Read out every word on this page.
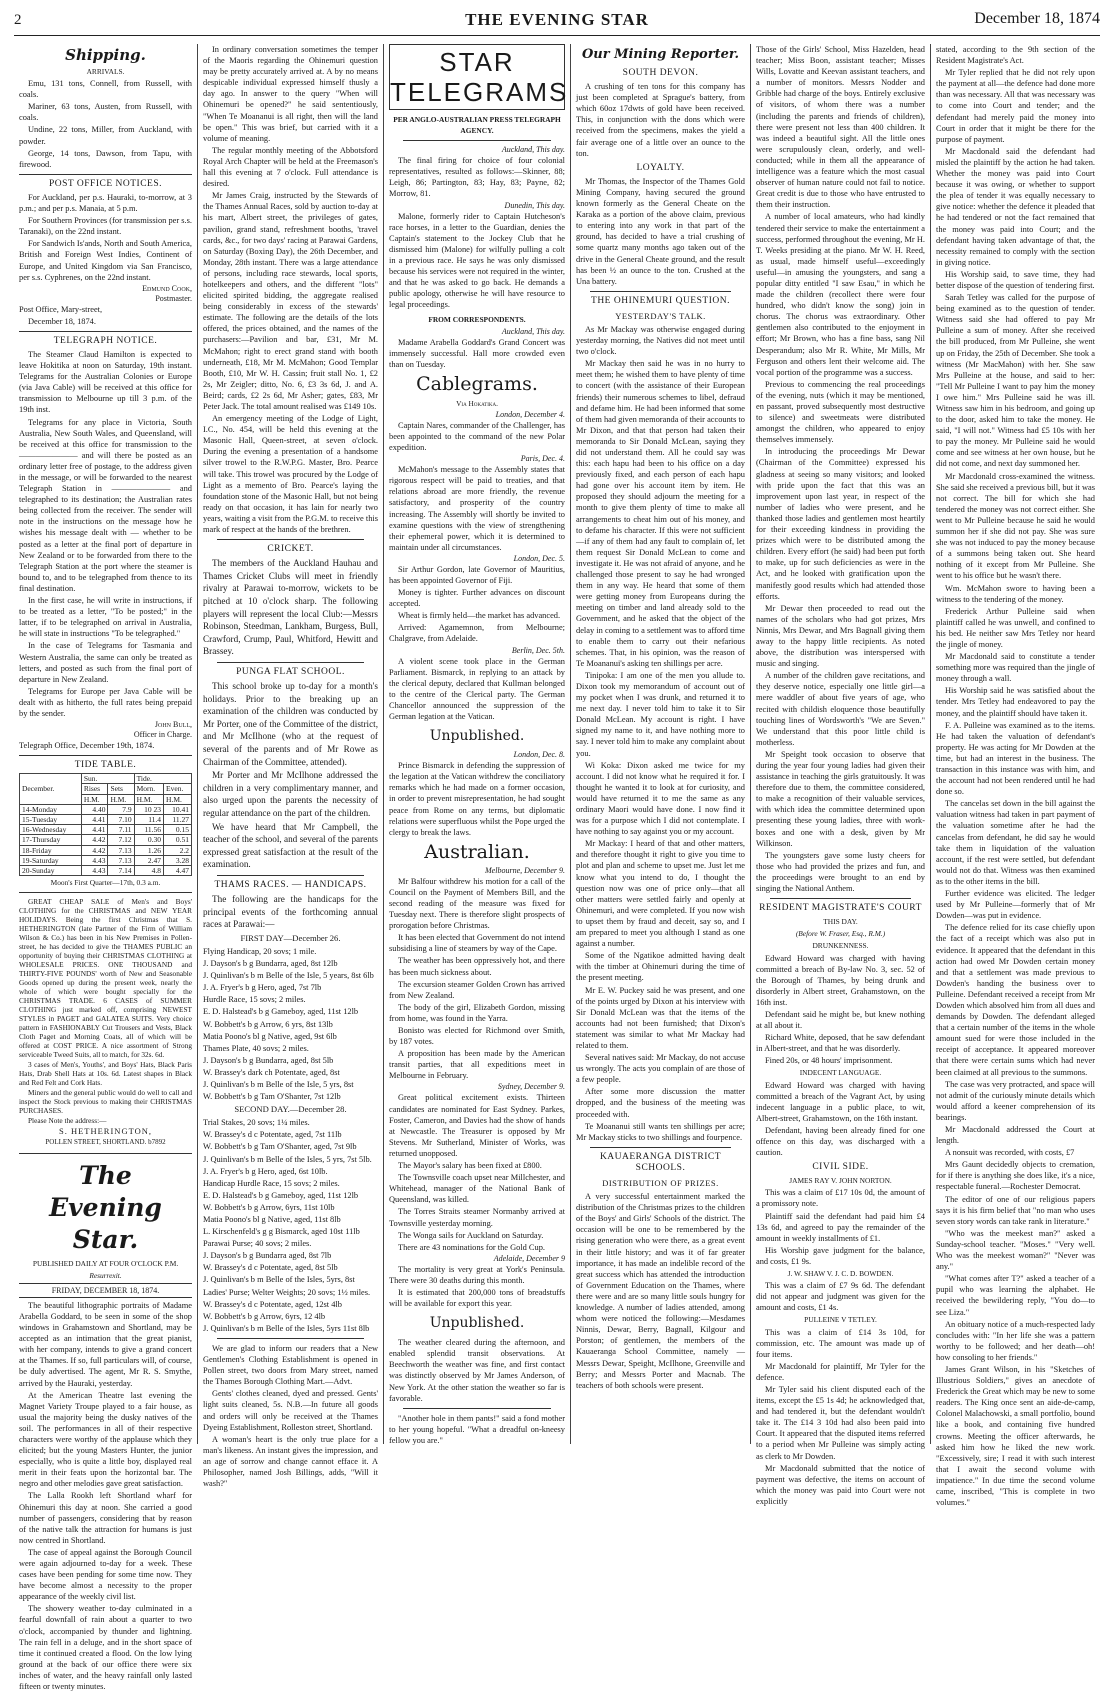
2	THE EVENING STAR	December 18, 1874
Shipping.
ARRIVALS.

Emu, 131 tons, Connell, from Russell, with coals.

Mariner, 63 tons, Austen, from Russell, with coals.

Undine, 22 tons, Miller, from Auckland, with powder.

George, 14 tons, Dawson, from Tapu, with firewood.

POST OFFICE NOTICES.

For Auckland, per p.s. Hauraki, to-morrow, at 3 p.m.; and per p.s. Manaia, at 5 p.m.

For Southern Provinces (for transmission per s.s. Taranaki), on the 22nd instant.

For Sandwich Is'ands, North and South America, British and Foreign West Indies, Continent of Europe, and United Kingdom via San Francisco, per s.s. Cyphrenes, on the 22nd instant.

Edmund Cook,
Postmaster.

Post Office, Mary-street,

December 18, 1874.

TELEGRAPH NOTICE.

The Steamer Claud Hamilton is expected to leave Hokitika at noon on Saturday, 19th instant. Telegrams for the Australian Colonies or Europe (via Java Cable) will be received at this office for transmission to Melbourne up till 3 p.m. of the 19th inst.

Telegrams for any place in Victoria, South Australia, New South Wales, and Queensland, will be received at this office for transmission to the ——————— and will there be posted as an ordinary letter free of postage, to the address given in the message, or will be forwarded to the nearest Telegraph Station in ——————— and telegraphed to its destination; the Australian rates being collected from the receiver. The sender will note in the instructions on the message how he wishes his message dealt with — whether to be posted as a letter at the final port of departure in New Zealand or to be forwarded from there to the Telegraph Station at the port where the steamer is bound to, and to be telegraphed from thence to its final destination.

In the first case, he will write in instructions, if to be treated as a letter, "To be posted;" in the latter, if to be telegraphed on arrival in Australia, he will state in instructions "To be telegraphed."

In the case of Telegrams for Tasmania and Western Australia, the same can only be treated as letters, and posted as such from the final port of departure in New Zealand.

Telegrams for Europe per Java Cable will be dealt with as hitherto, the full rates being prepaid by the sender.

John Bull,
Officer in Charge.

Telegraph Office, December 19th, 1874.

TIDE TABLE.
December.	Sun.		Tide.	
	Rises	Sets	Morn.	Even.
	H.M.	H.M.	H.M.	H.M.
14-Monday	4.40	7.9	10 23	10.41
15-Tuesday	4.41	7.10	11.4	11.27
16-Wednesday	4.41	7.11	11.56	0.15
17-Thursday	4.42	7.12	0.30	0.51
18-Friday	4.42	7.13	1.26	2.2
19-Saturday	4.43	7.13	2.47	3.28
20-Sunday	4.43	7.14	4.8	4.47
Moon's First Quarter—17th, 0.3 a.m.

GREAT CHEAP SALE of Men's and Boys' CLOTHING for the CHRISTMAS and NEW YEAR HOLIDAYS. Being the first Christmas that S. HETHERINGTON (late Partner of the Firm of William Wilson & Co.) has been in his New Premises in Pollen-street, he has decided to give the THAMES PUBLIC an opportunity of buying their CHRISTMAS CLOTHING at WHOLESALE PRICES. ONE THOUSAND and THIRTY-FIVE POUNDS' worth of New and Seasonable Goods opened up during the present week, nearly the whole of which were bought specially for the CHRISTMAS TRADE. 6 CASES of SUMMER CLOTHING just marked off, comprising NEWEST STYLES in PAGET and GALATEA SUITS. Very choice pattern in FASHIONABLY Cut Trousers and Vests, Black Cloth Paget and Morning Coats, all of which will be offered at COST PRICE. A nice assortment of Strong serviceable Tweed Suits, all to match, for 32s. 6d.

3 cases of Men's, Youths', and Boys' Hats, Black Paris Hats, Drab Shell Hats at 10s. 6d. Latest shapes in Black and Red Felt and Cork Hats.

Miners and the general public would do well to call and inspect the Stock previous to making their CHRISTMAS PURCHASES.

Please Note the address:—

S. HETHERINGTON,
POLLEN STREET, SHORTLAND. b7892
The Evening Star.
PUBLISHED DAILY AT FOUR O'CLOCK P.M.
Resurrexit.
FRIDAY, DECEMBER 18, 1874.

The beautiful lithographic portraits of Madame Arabella Goddard, to be seen in some of the shop windows in Grahamstown and Shortland, may be accepted as an intimation that the great pianist, with her company, intends to give a grand concert at the Thames. If so, full particulars will, of course, be duly advertised. The agent, Mr R. S. Smythe, arrived by the Hauraki, yesterday.

At the American Theatre last evening the Magnet Variety Troupe played to a fair house, as usual the majority being the dusky natives of the soil. The performances in all of their respective characters were worthy of the applause which they elicited; but the young Masters Hunter, the junior especially, who is quite a little boy, displayed real merit in their feats upon the horizontal bar. The negro and other melodies gave great satisfaction.

The Lalla Rookh left Shortland wharf for Ohinemuri this day at noon. She carried a good number of passengers, considering that by reason of the native talk the attraction for humans is just now centred in Shortland.

The case of appeal against the Borough Council were again adjourned to-day for a week. These cases have been pending for some time now. They have become almost a necessity to the proper appearance of the weekly civil list.

The showery weather to-day culminated in a fearful downfall of rain about a quarter to two o'clock, accompanied by thunder and lightning. The rain fell in a deluge, and in the short space of time it continued created a flood. On the low lying ground at the back of our office there were six inches of water, and the heavy rainfall only lasted fifteen or twenty minutes.

In ordinary conversation sometimes the temper of the Maoris regarding the Ohinemuri question may be pretty accurately arrived at. A by no means despicable individual expressed himself thusly a day ago. In answer to the query "When will Ohinemuri be opened?" he said sententiously, "When Te Moananui is all right, then will the land be open." This was brief, but carried with it a volume of meaning.

The regular monthly meeting of the Abbotsford Royal Arch Chapter will be held at the Freemason's hall this evening at 7 o'clock. Full attendance is desired.

Mr James Craig, instructed by the Stewards of the Thames Annual Races, sold by auction to-day at his mart, Albert street, the privileges of gates, pavilion, grand stand, refreshment booths, 'travel cards, &c., for two days' racing at Parawai Gardens, on Saturday (Boxing Day), the 26th December, and Monday, 28th instant. There was a large attendance of persons, including race stewards, local sports, hotelkeepers and others, and the different "lots" elicited spirited bidding, the aggregate realised being considerably in excess of the stewards' estimate. The following are the details of the lots offered, the prices obtained, and the names of the purchasers:—Pavilion and bar, £31, Mr M. McMahon; right to erect grand stand with booth underneath, £18, Mr M. McMahon; Good Templar Booth, £10, Mr W. H. Cassin; fruit stall No. 1, £2 2s, Mr Zeigler; ditto, No. 6, £3 3s 6d, J. and A. Beird; cards, £2 2s 6d, Mr Asher; gates, £83, Mr Peter Jack. The total amount realised was £149 10s.

An emergency meeting of the Lodge of Light, I.C., No. 454, will be held this evening at the Masonic Hall, Queen-street, at seven o'clock. During the evening a presentation of a handsome silver trowel to the R.W.P.G. Master, Bro. Pearce will take. This trowel was procured by the Lodge of Light as a memento of Bro. Pearce's laying the foundation stone of the Masonic Hall, but not being ready on that occasion, it has lain for nearly two years, waiting a visit from the P.G.M. to receive this mark of respect at the hands of the brethren.

CRICKET.

The members of the Auckland Hauhau and Thames Cricket Clubs will meet in friendly rivalry at Parawai to-morrow, wickets to be pitched at 10 o'clock sharp. The following players will represent the local Club:—Messrs Robinson, Steedman, Lankham, Burgess, Bull, Crawford, Crump, Paul, Whitford, Hewitt and Brassey.

PUNGA FLAT SCHOOL.

This school broke up to-day for a month's holidays. Prior to the breaking up an examination of the children was conducted by Mr Porter, one of the Committee of the district, and Mr McIlhone (who at the request of several of the parents and of Mr Rowe as Chairman of the Committee, attended).

Mr Porter and Mr McIlhone addressed the children in a very complimentary manner, and also urged upon the parents the necessity of regular attendance on the part of the children.

We have heard that Mr Campbell, the teacher of the school, and several of the parents expressed great satisfaction at the result of the examination.

THAMS RACES. — HANDICAPS.

The following are the handicaps for the principal events of the forthcoming annual races at Parawai:—

FIRST DAY—December 26.

Flying Handicap, 20 sovs; 1 mile.

J. Dayson's b g Bundarra, aged, 8st 12lb

J. Quinlivan's b m Belle of the Isle, 5 years, 8st 6lb

J. A. Fryer's b g Hero, aged, 7st 7lb

Hurdle Race, 15 sovs; 2 miles.

E. D. Halstead's b g Gameboy, aged, 11st 12lb

W. Bobbett's b g Arrow, 6 yrs, 8st 13lb

Matia Poono's bl g Native, aged, 9st 6lb

Thames Plate, 40 sovs; 2 miles.

J. Dayson's b g Bundarra, aged, 8st 5lb

W. Brassey's dark ch Potentate, aged, 8st

J. Quinlivan's b m Belle of the Isle, 5 yrs, 8st

W. Bobbett's b g Tam O'Shanter, 7st 12lb

SECOND DAY.—December 28.

Trial Stakes, 20 sovs; 1¼ miles.

W. Brassey's d c Potentate, aged, 7st 11lb

W. Bobbett's b g Tam O'Shanter, aged, 7st 9lb

J. Quinlivan's b m Belle of the Isles, 5 yrs, 7st 5lb.

J. A. Fryer's b g Hero, aged, 6st 10lb.

Handicap Hurdle Race, 15 sovs; 2 miles.

E. D. Halstead's b g Gameboy, aged, 11st 12lb

W. Bobbett's b g Arrow, 6yrs, 11st 10lb

Matia Poono's bl g Native, aged, 11st 8lb

L. Kirschenfeld's g g Bismarck, aged 10st 11lb

Parawai Purse; 40 sovs; 2 miles.

J. Dayson's b g Bundarra aged, 8st 7lb

W. Brassey's d c Potentate, aged, 8st 5lb

J. Quinlivan's b m Belle of the Isles, 5yrs, 8st

Ladies' Purse; Welter Weights; 20 sovs; 1½ miles.

W. Brassey's d c Potentate, aged, 12st 4lb

W. Bobbett's b g Arrow, 6yrs, 12 4lb

J. Quinlivan's b m Belle of the Isles, 5yrs 11st 8lb

We are glad to inform our readers that a New Gentlemen's Clothing Establishment is opened in Pollen street, two doors from Mary street, named the Thames Borough Clothing Mart.—Advt.

Gents' clothes cleaned, dyed and pressed. Gents' light suits cleaned, 5s. N.B.—In future all goods and orders will only be received at the Thames Dyeing Establishment, Rolleston street, Shortland.

A woman's heart is the only true place for a man's likeness. An instant gives the impression, and an age of sorrow and change cannot efface it. A Philosopher, named Josh Billings, adds, "Will it wash?"

STAR TELEGRAMS
PER ANGLO-AUSTRALIAN PRESS TELEGRAPH AGENCY.
Auckland, This day.

The final firing for choice of four colonial representatives, resulted as follows:—Skinner, 88; Leigh, 86; Partington, 83; Hay, 83; Payne, 82; Morrow, 81.

Dunedin, This day.

Malone, formerly rider to Captain Hutcheson's race horses, in a letter to the Guardian, denies the Captain's statement to the Jockey Club that he dismissed him (Malone) for wilfully pulling a colt in a previous race. He says he was only dismissed because his services were not required in the winter, and that he was asked to go back. He demands a public apology, otherwise he will have resource to legal proceedings.

FROM CORRESPONDENTS.
Auckland, This day.

Madame Arabella Goddard's Grand Concert was immensely successful. Hall more crowded even than on Tuesday.

Cablegrams.
Via Hokatika.
London, December 4.

Captain Nares, commander of the Challenger, has been appointed to the command of the new Polar expedition.

Paris, Dec. 4.

McMahon's message to the Assembly states that rigorous respect will be paid to treaties, and that relations abroad are more friendly, the revenue satisfactory, and prosperity of the country increasing. The Assembly will shortly be invited to examine questions with the view of strengthening their ephemeral power, which it is determined to maintain under all circumstances.

London, Dec. 5.

Sir Arthur Gordon, late Governor of Mauritius, has been appointed Governor of Fiji.

Money is tighter. Further advances on discount accepted.

Wheat is firmly held—the market has advanced.

Arrived: Agamemnon, from Melbourne; Chalgrave, from Adelaide.

Berlin, Dec. 5th.

A violent scene took place in the German Parliament. Bismarck, in replying to an attack by the clerical deputy, declared that Kullman belonged to the centre of the Clerical party. The German Chancellor announced the suppression of the German legation at the Vatican.

Unpublished.
London, Dec. 8.

Prince Bismarck in defending the suppression of the legation at the Vatican withdrew the conciliatory remarks which he had made on a former occasion, in order to prevent misrepresentation, he had sought peace from Rome on any terms, but diplomatic relations were superfluous whilst the Pope urged the clergy to break the laws.

Australian.
Melbourne, December 9.

Mr Balfour withdrew his motion for a call of the Council on the Payment of Members Bill, and the second reading of the measure was fixed for Tuesday next. There is therefore slight prospects of prorogation before Christmas.

It has been elected that Government do not intend subsidising a line of steamers by way of the Cape.

The weather has been oppressively hot, and there has been much sickness about.

The excursion steamer Golden Crown has arrived from New Zealand.

The body of the girl, Elizabeth Gordon, missing from home, was found in the Yarra.

Bonisto was elected for Richmond over Smith, by 187 votes.

A proposition has been made by the American transit parties, that all expeditions meet in Melbourne in February.

Sydney, December 9.

Great political excitement exists. Thirteen candidates are nominated for East Sydney. Parkes, Foster, Cameron, and Davies had the show of hands at Newcastle. The Treasurer is opposed by Mr Stevens. Mr Sutherland, Minister of Works, was returned unopposed.

The Mayor's salary has been fixed at £800.

The Townsville coach upset near Millchester, and Whitehead, manager of the National Bank of Queensland, was killed.

The Torres Straits steamer Normanby arrived at Townsville yesterday morning.

The Wonga sails for Auckland on Saturday.

There are 43 nominations for the Gold Cup.

Adelaide, December 9

The mortality is very great at York's Peninsula. There were 30 deaths during this month.

It is estimated that 200,000 tons of breadstuffs will be available for export this year.

Unpublished.

The weather cleared during the afternoon, and enabled splendid transit observations. At Beechworth the weather was fine, and first contact was distinctly observed by Mr James Anderson, of New York. At the other station the weather so far is favorable.

"Another hole in them pants!" said a fond mother to her young hopeful. "What a dreadful on-kneesy fellow you are."

Our Mining Reporter.
SOUTH DEVON.

A crushing of ten tons for this company has just been completed at Sprague's battery, from which 60oz 17dwts of gold have been received. This, in conjunction with the dons which were received from the specimens, makes the yield a fair average one of a little over an ounce to the ton.

LOYALTY.

Mr Thomas, the Inspector of the Thames Gold Mining Company, having secured the ground known formerly as the General Cheate on the Karaka as a portion of the above claim, previous to entering into any work in that part of the ground, has decided to have a trial crushing of some quartz many months ago taken out of the drive in the General Cheate ground, and the result has been ½ an ounce to the ton. Crushed at the Una battery.

THE OHINEMURI QUESTION.
YESTERDAY'S TALK.

As Mr Mackay was otherwise engaged during yesterday morning, the Natives did not meet until two o'clock.

Mr Mackay then said he was in no hurry to meet them; he wished them to have plenty of time to concert (with the assistance of their European friends) their numerous schemes to libel, defraud and defame him. He had been informed that some of them had given memoranda of their accounts to Mr Dixon, and that that person had taken their memoranda to Sir Donald McLean, saying they did not understand them. All he could say was this: each hapu had been to his office on a day previously fixed, and each person of each hapu had gone over his account item by item. He proposed they should adjourn the meeting for a month to give them plenty of time to make all arrangements to cheat him out of his money, and to defame his character. If this were not sufficient—if any of them had any fault to complain of, let them request Sir Donald McLean to come and investigate it. He was not afraid of anyone, and he challenged those present to say he had wronged them in any way. He heard that some of them were getting money from Europeans during the meeting on timber and land already sold to the Government, and he asked that the object of the delay in coming to a settlement was to afford time to enable them to carry out their nefarious schemes. That, in his opinion, was the reason of Te Moananui's asking ten shillings per acre.

Tinipoka: I am one of the men you allude to. Dixon took my memorandum of account out of my pocket when I was drunk, and returned it to me next day. I never told him to take it to Sir Donald McLean. My account is right. I have signed my name to it, and have nothing more to say. I never told him to make any complaint about you.

Wi Koka: Dixon asked me twice for my account. I did not know what he required it for. I thought he wanted it to look at for curiosity, and would have returned it to me the same as any ordinary Maori would have done. I now find it was for a purpose which I did not contemplate. I have nothing to say against you or my account.

Mr Mackay: I heard of that and other matters, and therefore thought it right to give you time to plot and plan and scheme to upset me. Just let me know what you intend to do, I thought the question now was one of price only—that all other matters were settled fairly and openly at Ohinemuri, and were completed. If you now wish to upset them by fraud and deceit, say so, and I am prepared to meet you although I stand as one against a number.

Some of the Ngatikoe admitted having dealt with the timber at Ohinemuri during the time of the present meeting.

Mr E. W. Puckey said he was present, and one of the points urged by Dixon at his interview with Sir Donald McLean was that the items of the accounts had not been furnished; that Dixon's statement was similar to what Mr Mackay had related to them.

Several natives said: Mr Mackay, do not accuse us wrongly. The acts you complain of are those of a few people.

After some more discussion the matter dropped, and the business of the meeting was proceeded with.

Te Moananui still wants ten shillings per acre; Mr Mackay sticks to two shillings and fourpence.

KAUAERANGA DISTRICT SCHOOLS.
DISTRIBUTION OF PRIZES.

A very successful entertainment marked the distribution of the Christmas prizes to the children of the Boys' and Girls' Schools of the district. The occasion will be one to be remembered by the rising generation who were there, as a great event in their little history; and was it of far greater importance, it has made an indelible record of the great success which has attended the introduction of Government Education on the Thames, where there were and are so many little souls hungry for knowledge. A number of ladies attended, among whom were noticed the following:—Mesdames Ninnis, Dewar, Berry, Bagnall, Kilgour and Porston; of gentlemen, the members of the Kauaeranga School Committee, namely — Messrs Dewar, Speight, McIlhone, Greenville and Berry; and Messrs Porter and Macnab. The teachers of both schools were present.

Those of the Girls' School, Miss Hazelden, head teacher; Miss Boon, assistant teacher; Misses Wills, Lovatte and Keevan assistant teachers, and a number of monitors. Messrs Nodder and Gribble had charge of the boys. Entirely exclusive of visitors, of whom there was a number (including the parents and friends of children), there were present not less than 400 children. It was indeed a beautiful sight. All the little ones were scrupulously clean, orderly, and well-conducted; while in them all the appearance of intelligence was a feature which the most casual observer of human nature could not fail to notice. Great credit is due to those who have entrusted to them their instruction.

A number of local amateurs, who had kindly tendered their service to make the entertainment a success, performed throughout the evening, Mr H. T. Weeks presiding at the piano. Mr W. H. Reed, as usual, made himself useful—exceedingly useful—in amusing the youngsters, and sang a popular ditty entitled "I saw Esau," in which he made the children (recollect there were four hundred, who didn't know the song) join in chorus. The chorus was extraordinary. Other gentlemen also contributed to the enjoyment in effort; Mr Brown, who has a fine bass, sang Nil Desperandum; also Mr R. White, Mr Mills, Mr Ferguson and others lent their welcome aid. The vocal portion of the programme was a success.

Previous to commencing the real proceedings of the evening, nuts (which it may be mentioned, en passant, proved subsequently most destructive to silence) and sweetmeats were distributed amongst the children, who appeared to enjoy themselves immensely.

In introducing the proceedings Mr Dewar (Chairman of the Committee) expressed his gladness at seeing so many visitors; and looked with pride upon the fact that this was an improvement upon last year, in respect of the number of ladies who were present, and he thanked those ladies and gentlemen most heartily for their exceeding kindness in providing the prizes which were to be distributed among the children. Every effort (he said) had been put forth to make, up for such deficiencies as were in the Act, and he looked with gratification upon the manifestly good results which had attended those efforts.

Mr Dewar then proceeded to read out the names of the scholars who had got prizes, Mrs Ninnis, Mrs Dewar, and Mrs Bagnall giving them away to the happy little recipients. As noted above, the distribution was interspersed with music and singing.

A number of the children gave recitations, and they deserve notice, especially one little girl—a mere waddler of about five years of age, who recited with childish eloquence those beautifully touching lines of Wordsworth's "We are Seven." We understand that this poor little child is motherless.

Mr Speight took occasion to observe that during the year four young ladies had given their assistance in teaching the girls gratuitously. It was therefore due to them, the committee considered, to make a recognition of their valuable services, with which idea the committee determined upon presenting these young ladies, three with work-boxes and one with a desk, given by Mr Wilkinson.

The youngsters gave some lusty cheers for those who had provided the prizes and fun, and the proceedings were brought to an end by singing the National Anthem.

RESIDENT MAGISTRATE'S COURT
THIS DAY.
(Before W. Fraser, Esq., R.M.)
DRUNKENNESS.

Edward Howard was charged with having committed a breach of By-law No. 3, sec. 52 of the Borough of Thames, by being drunk and disorderly in Albert street, Grahamstown, on the 16th inst.

Defendant said he might be, but knew nothing at all about it.

Richard White, deposed, that he saw defendant in Albert-street, and that he was disorderly.

Fined 20s, or 48 hours' imprisonment.

INDECENT LANGUAGE.

Edward Howard was charged with having committed a breach of the Vagrant Act, by using indecent language in a public place, to wit, Albert-street, Grahamstown, on the 16th instant.

Defendant, having been already fined for one offence on this day, was discharged with a caution.

CIVIL SIDE.
JAMES RAY V. JOHN NORTON.

This was a claim of £17 10s 0d, the amount of a promissory note.

Plaintiff said the defendant had paid him £4 13s 6d, and agreed to pay the remainder of the amount in weekly installments of £1.

His Worship gave judgment for the balance, and costs, £1 9s.

J. W. SHAW V. J. C. D. BOWDEN.

This was a claim of £7 9s 6d. The defendant did not appear and judgment was given for the amount and costs, £1 4s.

PULLEINE V TETLEY.

This was a claim of £14 3s 10d, for commission, etc. The amount was made up of four items.

Mr Macdonald for plaintiff, Mr Tyler for the defence.

Mr Tyler said his client disputed each of the items, except the £5 1s 4d; he acknowledged that, and had tendered it, but the defendant wouldn't take it. The £14 3 10d had also been paid into Court. It appeared that the disputed items referred to a period when Mr Pulleine was simply acting as clerk to Mr Dowden.

Mr Macdonald submitted that the notice of payment was defective, the items on account of which the money was paid into Court were not explicitly

stated, according to the 9th section of the Resident Magistrate's Act.

Mr Tyler replied that he did not rely upon the payment at all—the defence had done more than was necessary. All that was necessary was to come into Court and tender; and the defendant had merely paid the money into Court in order that it might be there for the purpose of payment.

Mr Macdonald said the defendant had misled the plaintiff by the action he had taken. Whether the money was paid into Court because it was owing, or whether to support the plea of tender it was equally necessary to give notice: whether the defence it pleaded that he had tendered or not the fact remained that the money was paid into Court; and the defendant having taken advantage of that, the necessity remained to comply with the section in giving notice.

His Worship said, to save time, they had better dispose of the question of tendering first.

Sarah Tetley was called for the purpose of being examined as to the question of tender. Witness said she had offered to pay Mr Pulleine a sum of money. After she received the bill produced, from Mr Pulleine, she went up on Friday, the 25th of December. She took a witness (Mr MacMahon) with her. She saw Mrs Pulleine at the house, and said to her: "Tell Mr Pulleine I want to pay him the money I owe him." Mrs Pulleine said he was ill. Witness saw him in his bedroom, and going up to the door, asked him to take the money. He said, "I will not." Witness had £5 10s with her to pay the money. Mr Pulleine said he would come and see witness at her own house, but he did not come, and next day summoned her.

Mr Macdonald cross-examined the witness. She said she received a previous bill, but it was not correct. The bill for which she had tendered the money was not correct either. She went to Mr Pulleine because he said he would summon her if she did not pay. She was sure she was not induced to pay the money because of a summons being taken out. She heard nothing of it except from Mr Pulleine. She went to his office but he wasn't there.

Wm. McMahon swore to having been a witness to the tendering of the money.

Frederick Arthur Pulleine said when plaintiff called he was unwell, and confined to his bed. He neither saw Mrs Tetley nor heard the jingle of money.

Mr Macdonald said to constitute a tender something more was required than the jingle of money through a wall.

His Worship said he was satisfied about the tender. Mrs Tetley had endeavored to pay the money, and the plaintiff should have taken it.

F. A. Pulleine was examined as to the items. He had taken the valuation of defendant's property. He was acting for Mr Dowden at the time, but had an interest in the business. The transaction in this instance was with him, and the account had not been rendered until he had done so.

The cancelas set down in the bill against the valuation witness had taken in part payment of the valuation sometime after he had the cancelas from defendant, he did say he would take them in liquidation of the valuation account, if the rest were settled, but defendant would not do that. Witness was then examined as to the other items in the bill.

Further evidence was elicited. The ledger used by Mr Pulleine—formerly that of Mr Dowden—was put in evidence.

The defence relied for its case chiefly upon the fact of a receipt which was also put in evidence. It appeared that the defendant in this action had owed Mr Dowden certain money and that a settlement was made previous to Dowden's handing the business over to Pulleine. Defendant received a receipt from Mr Dowden which absolved him from all dues and demands by Dowden. The defendant alleged that a certain number of the items in the whole amount sued for were those included in the receipt of acceptance. It appeared moreover that there were certain sums which had never been claimed at all previous to the summons.

The case was very protracted, and space will not admit of the curiously minute details which would afford a keener comprehension of its bearings.

Mr Macdonald addressed the Court at length.

A nonsuit was recorded, with costs, £7

Mrs Gaunt decidedly objects to cremation, for if there is anything she does like, it's a nice, respectable funeral.—Rochester Democrat.

The editor of one of our religious papers says it is his firm belief that "no man who uses seven story words can take rank in literature."

"Who was the meekest man?" asked a Sunday-school teacher. "Moses." "Very well. Who was the meekest woman?" "Never was any."

"What comes after T?" asked a teacher of a pupil who was learning the alphabet. He received the bewildering reply, "You do—to see Liza."

An obituary notice of a much-respected lady concludes with: "In her life she was a pattern worthy to be followed; and her death—oh! how consoling to her friends."

James Grant Wilson, in his "Sketches of Illustrious Soldiers," gives an anecdote of Frederick the Great which may be new to some readers. The King once sent an aide-de-camp, Colonel Malachowski, a small portfolio, bound like a book, and containing five hundred crowns. Meeting the officer afterwards, he asked him how he liked the new work. "Excessively, sire; I read it with such interest that I await the second volume with impatience." In due time the second volume came, inscribed, "This is complete in two volumes."
